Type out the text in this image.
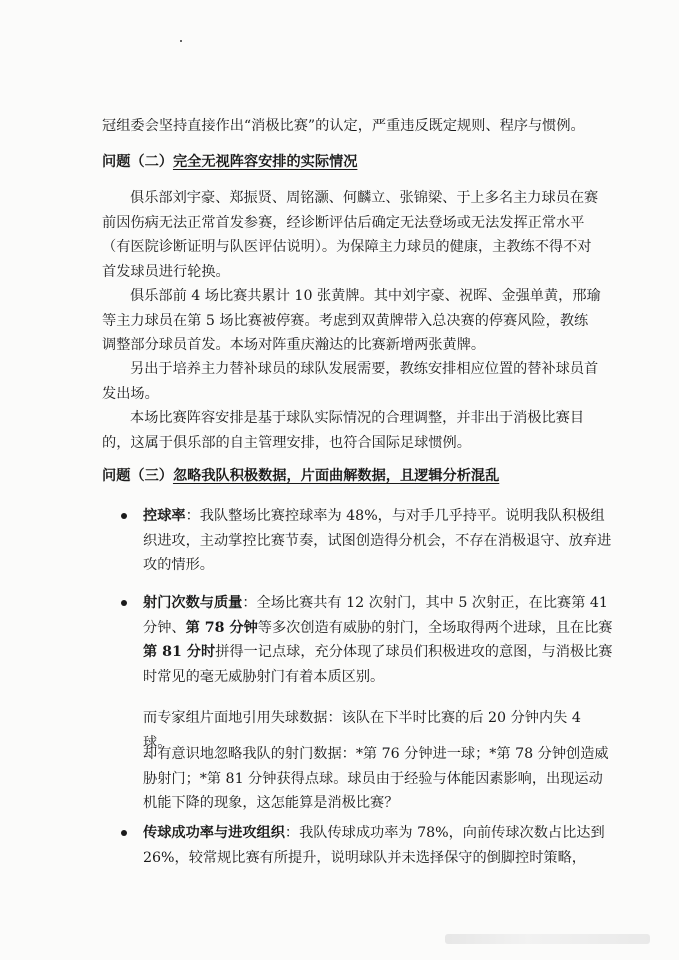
冠组委会坚持直接作出“消极比赛”的认定，严重违反既定规则、程序与惯例。

问题（二）完全无视阵容安排的实际情况

俱乐部刘宇豪、郑振贤、周铭灏、何麟立、张锦梁、于上多名主力球员在赛前因伤病无法正常首发参赛，经诊断评估后确定无法登场或无法发挥正常水平（有医院诊断证明与队医评估说明）。为保障主力球员的健康，主教练不得不对首发球员进行轮换。

俱乐部前 4 场比赛共累计 10 张黄牌。其中刘宇豪、祝晖、金强单黄，邢瑜等主力球员在第 5 场比赛被停赛。考虑到双黄牌带入总决赛的停赛风险，教练调整部分球员首发。本场对阵重庆瀚达的比赛新增两张黄牌。

另出于培养主力替补球员的球队发展需要，教练安排相应位置的替补球员首发出场。

本场比赛阵容安排是基于球队实际情况的合理调整，并非出于消极比赛目的，这属于俱乐部的自主管理安排，也符合国际足球惯例。

问题（三）忽略我队积极数据，片面曲解数据，且逻辑分析混乱

控球率：我队整场比赛控球率为 48%，与对手几乎持平。说明我队积极组织进攻，主动掌控比赛节奏，试图创造得分机会，不存在消极退守、放弃进攻的情形。

射门次数与质量：全场比赛共有 12 次射门，其中 5 次射正，在比赛第 41 分钟、第 78 分钟等多次创造有威胁的射门，全场取得两个进球，且在比赛第 81 分时拼得一记点球，充分体现了球员们积极进攻的意图，与消极比赛时常见的毫无威胁射门有着本质区别。

而专家组片面地引用失球数据：该队在下半时比赛的后 20 分钟内失 4 球。

却有意识地忽略我队的射门数据：*第 76 分钟进一球；*第 78 分钟创造威胁射门；*第 81 分钟获得点球。球员由于经验与体能因素影响，出现运动机能下降的现象，这怎能算是消极比赛？

传球成功率与进攻组织：我队传球成功率为 78%，向前传球次数占比达到 26%，较常规比赛有所提升，说明球队并未选择保守的倒脚控时策略，
